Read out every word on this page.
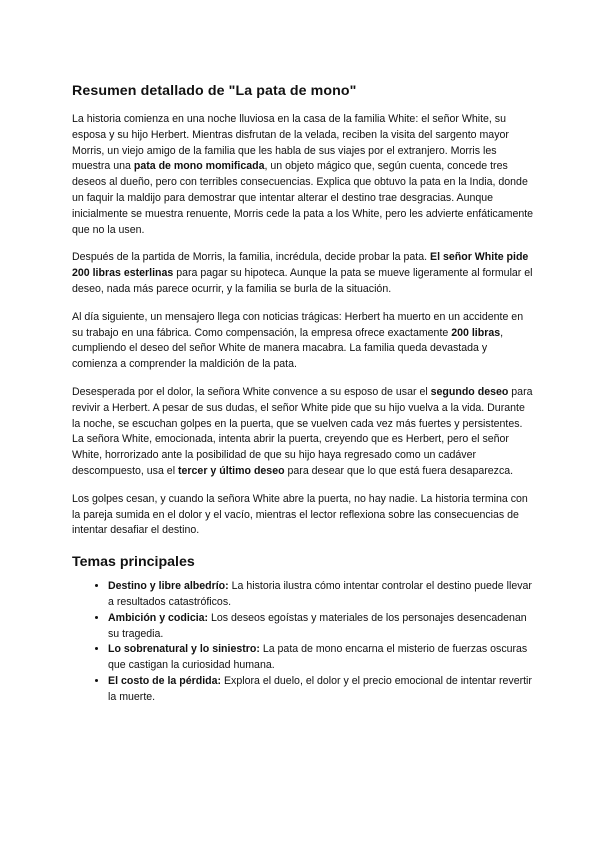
Resumen detallado de "La pata de mono"

La historia comienza en una noche lluviosa en la casa de la familia White: el señor White, su esposa y su hijo Herbert. Mientras disfrutan de la velada, reciben la visita del sargento mayor Morris, un viejo amigo de la familia que les habla de sus viajes por el extranjero. Morris les muestra una pata de mono momificada, un objeto mágico que, según cuenta, concede tres deseos al dueño, pero con terribles consecuencias. Explica que obtuvo la pata en la India, donde un faquir la maldijo para demostrar que intentar alterar el destino trae desgracias. Aunque inicialmente se muestra renuente, Morris cede la pata a los White, pero les advierte enfáticamente que no la usen.

Después de la partida de Morris, la familia, incrédula, decide probar la pata. El señor White pide 200 libras esterlinas para pagar su hipoteca. Aunque la pata se mueve ligeramente al formular el deseo, nada más parece ocurrir, y la familia se burla de la situación.

Al día siguiente, un mensajero llega con noticias trágicas: Herbert ha muerto en un accidente en su trabajo en una fábrica. Como compensación, la empresa ofrece exactamente 200 libras, cumpliendo el deseo del señor White de manera macabra. La familia queda devastada y comienza a comprender la maldición de la pata.

Desesperada por el dolor, la señora White convence a su esposo de usar el segundo deseo para revivir a Herbert. A pesar de sus dudas, el señor White pide que su hijo vuelva a la vida. Durante la noche, se escuchan golpes en la puerta, que se vuelven cada vez más fuertes y persistentes. La señora White, emocionada, intenta abrir la puerta, creyendo que es Herbert, pero el señor White, horrorizado ante la posibilidad de que su hijo haya regresado como un cadáver descompuesto, usa el tercer y último deseo para desear que lo que está fuera desaparezca.

Los golpes cesan, y cuando la señora White abre la puerta, no hay nadie. La historia termina con la pareja sumida en el dolor y el vacío, mientras el lector reflexiona sobre las consecuencias de intentar desafiar el destino.

Temas principales
• Destino y libre albedrío: La historia ilustra cómo intentar controlar el destino puede llevar a resultados catastróficos.
• Ambición y codicia: Los deseos egoístas y materiales de los personajes desencadenan su tragedia.
• Lo sobrenatural y lo siniestro: La pata de mono encarna el misterio de fuerzas oscuras que castigan la curiosidad humana.
• El costo de la pérdida: Explora el duelo, el dolor y el precio emocional de intentar revertir la muerte.
